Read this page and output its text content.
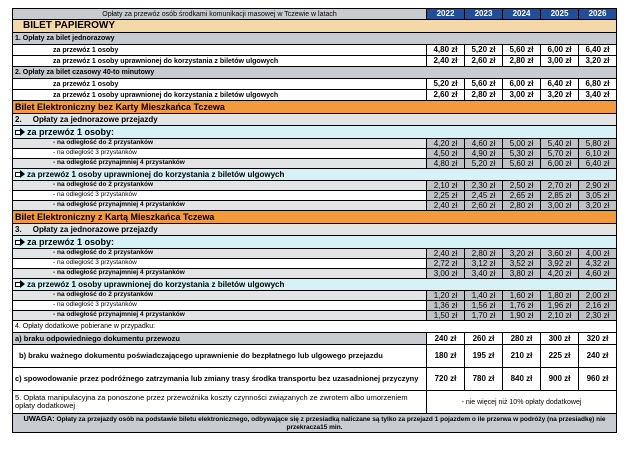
Opłaty za przewóz osób środkami komunikacji masowej w Tczewie w latach	2022	2023	2024	2025	2026
BILET PAPIEROWY					
1. Opłaty za bilet jednorazowy					
za przewóz 1 osoby	4,80 zł	5,20 zł	5,60 zł	6,00 zł	6,40 zł
za przewóz 1 osoby uprawnionej do korzystania z biletów ulgowych	2,40 zł	2,60 zł	2,80 zł	3,00 zł	3,20 zł
2. Opłaty za bilet czasowy 40-to minutowy					
za przewóz 1 osoby	5,20 zł	5,60 zł	6,00 zł	6,40 zł	6,80 zł
za przewóz 1 osoby uprawnionej do korzystania z biletów ulgowych	2,60 zł	2,80 zł	3,00 zł	3,20 zł	3,40 zł
Bilet Elektroniczny bez Karty Mieszkańca Tczewa					
2. Opłaty za jednorazowe przejazdy					
za przewóz 1 osoby:					
- na odległość do 2 przystanków	4,20 zł	4,60 zł	5,00 zł	5,40 zł	5,80 zł
- na odległość 3 przystanków	4,50 zł	4,90 zł	5,30 zł	5,70 zł	6,10 zł
- na odległość przynajmniej 4 przystanków	4,80 zł	5,20 zł	5,60 zł	6,00 zł	6,40 zł
za przewóz 1 osoby uprawnionej do korzystania z biletów ulgowych					
- na odległość do 2 przystanków	2,10 zł	2,30 zł	2,50 zł	2,70 zł	2,90 zł
- na odległość 3 przystanków	2,25 zł	2,45 zł	2,65 zł	2,85 zł	3,05 zł
- na odległość przynajmniej 4 przystanków	2,40 zł	2,60 zł	2,80 zł	3,00 zł	3,20 zł
Bilet Elektroniczny z Kartą Mieszkańca Tczewa					
3. Opłaty za jednorazowe przejazdy					
za przewóz 1 osoby:					
- na odległość do 2 przystanków	2,40 zł	2,80 zł	3,20 zł	3,60 zł	4,00 zł
- na odległość 3 przystanków	2,72 zł	3,12 zł	3,52 zł	3,92 zł	4,32 zł
- na odległość przynajmniej 4 przystanków	3,00 zł	3,40 zł	3,80 zł	4,20 zł	4,60 zł
za przewóz 1 osoby uprawnionej do korzystania z biletów ulgowych					
- na odległość do 2 przystanków	1,20 zł	1,40 zł	1,60 zł	1,80 zł	2,00 zł
- na odległość 3 przystanków	1,36 zł	1,56 zł	1,76 zł	1,96 zł	2,16 zł
- na odległość przynajmniej 4 przystanków	1,50 zł	1,70 zł	1,90 zł	2,10 zł	2,30 zł
4. Opłaty dodatkowe pobierane w przypadku:					
a) braku odpowiedniego dokumentu przewozu	240 zł	260 zł	280 zł	300 zł	320 zł
b) braku ważnego dokumentu poświadczającego uprawnienie do bezpłatnego lub ulgowego przejazdu	180 zł	195 zł	210 zł	225 zł	240 zł
c) spowodowanie przez podróżnego zatrzymania lub zmiany trasy środka transportu bez uzasadnionej przyczyny	720 zł	780 zł	840 zł	900 zł	960 zł
5. Opłata manipulacyjna za ponoszone przez przewoźnika koszty czynności związanych ze zwrotem albo umorzeniem opłaty dodatkowej	- nie więcej niż 10% opłaty dodatkowej				
UWAGA: Opłaty za przejazdy osób na podstawie biletu elektronicznego, odbywające się z przesiadką naliczane są tylko za przejazd 1 pojazdem o ile przerwa w podróży (na przesiadkę) nie przekracza15 min.					
